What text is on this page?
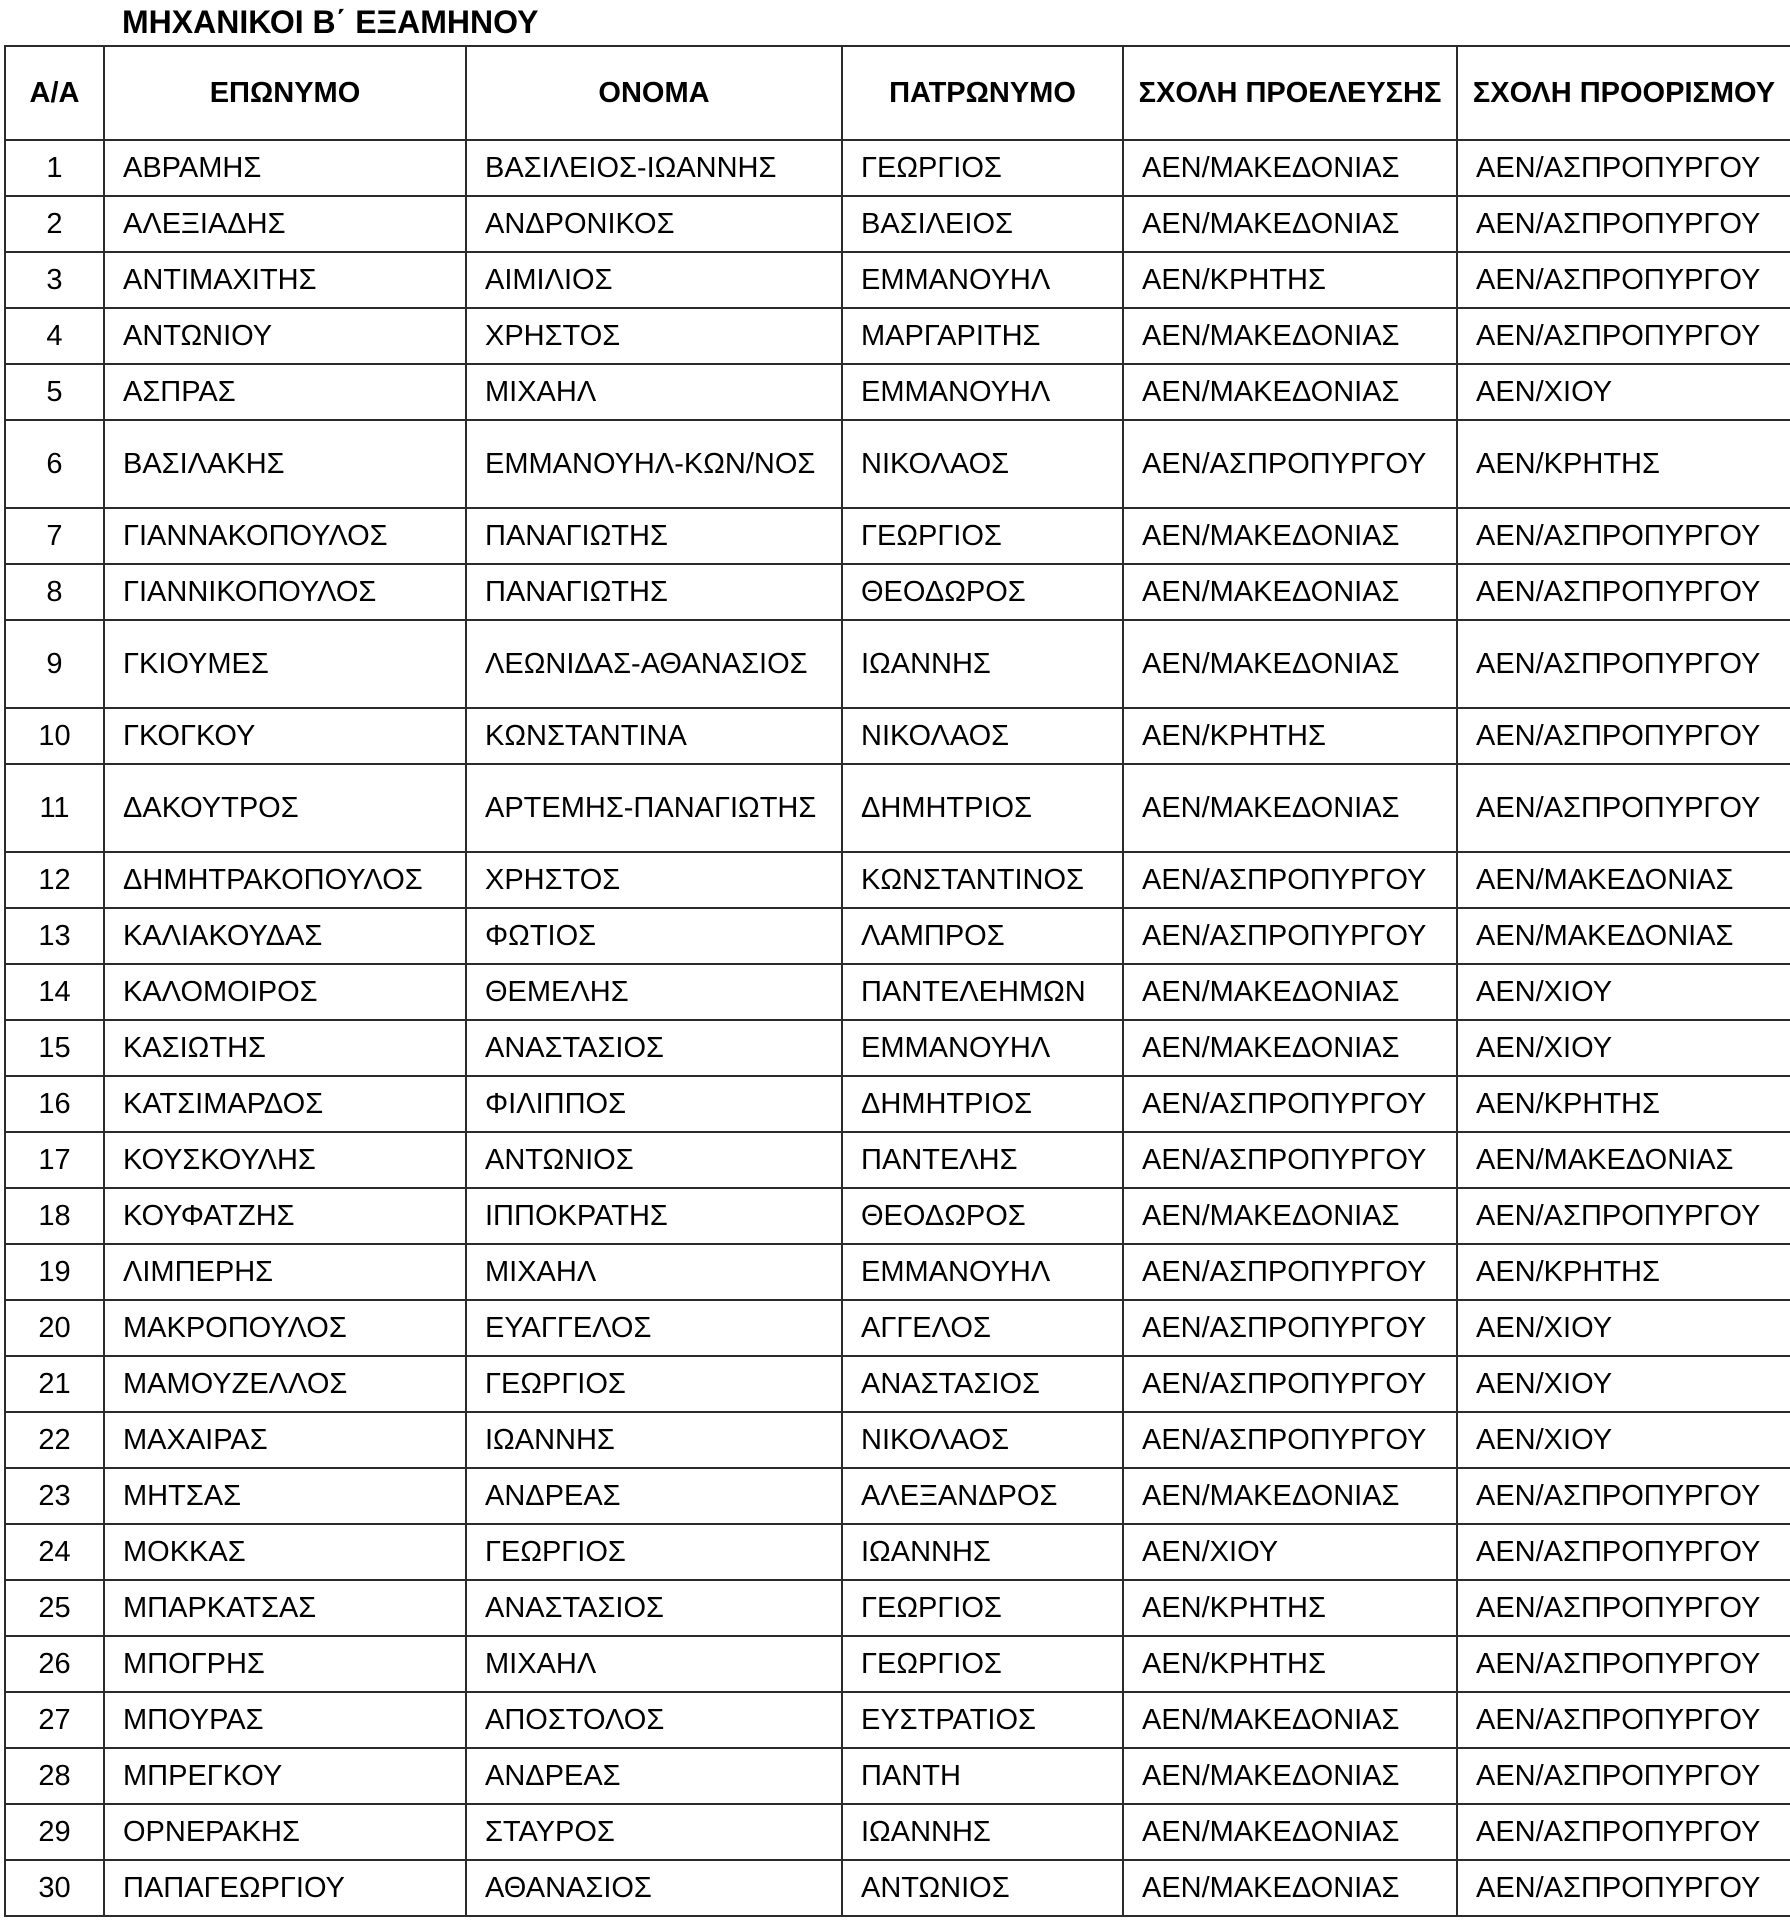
ΜΗΧΑΝΙΚΟΙ Β΄ ΕΞΑΜΗΝΟΥ
Α/Α	ΕΠΩΝΥΜΟ	ΟΝΟΜΑ	ΠΑΤΡΩΝΥΜΟ	ΣΧΟΛΗ ΠΡΟΕΛΕΥΣΗΣ	ΣΧΟΛΗ ΠΡΟΟΡΙΣΜΟΥ
1	ΑΒΡΑΜΗΣ	ΒΑΣΙΛΕΙΟΣ-ΙΩΑΝΝΗΣ	ΓΕΩΡΓΙΟΣ	ΑΕΝ/ΜΑΚΕΔΟΝΙΑΣ	ΑΕΝ/ΑΣΠΡΟΠΥΡΓΟΥ
2	ΑΛΕΞΙΑΔΗΣ	ΑΝΔΡΟΝΙΚΟΣ	ΒΑΣΙΛΕΙΟΣ	ΑΕΝ/ΜΑΚΕΔΟΝΙΑΣ	ΑΕΝ/ΑΣΠΡΟΠΥΡΓΟΥ
3	ΑΝΤΙΜΑΧΙΤΗΣ	ΑΙΜΙΛΙΟΣ	ΕΜΜΑΝΟΥΗΛ	ΑΕΝ/ΚΡΗΤΗΣ	ΑΕΝ/ΑΣΠΡΟΠΥΡΓΟΥ
4	ΑΝΤΩΝΙΟΥ	ΧΡΗΣΤΟΣ	ΜΑΡΓΑΡΙΤΗΣ	ΑΕΝ/ΜΑΚΕΔΟΝΙΑΣ	ΑΕΝ/ΑΣΠΡΟΠΥΡΓΟΥ
5	ΑΣΠΡΑΣ	ΜΙΧΑΗΛ	ΕΜΜΑΝΟΥΗΛ	ΑΕΝ/ΜΑΚΕΔΟΝΙΑΣ	ΑΕΝ/ΧΙΟΥ
6	ΒΑΣΙΛΑΚΗΣ	ΕΜΜΑΝΟΥΗΛ-ΚΩΝ/ΝΟΣ	ΝΙΚΟΛΑΟΣ	ΑΕΝ/ΑΣΠΡΟΠΥΡΓΟΥ	ΑΕΝ/ΚΡΗΤΗΣ
7	ΓΙΑΝΝΑΚΟΠΟΥΛΟΣ	ΠΑΝΑΓΙΩΤΗΣ	ΓΕΩΡΓΙΟΣ	ΑΕΝ/ΜΑΚΕΔΟΝΙΑΣ	ΑΕΝ/ΑΣΠΡΟΠΥΡΓΟΥ
8	ΓΙΑΝΝΙΚΟΠΟΥΛΟΣ	ΠΑΝΑΓΙΩΤΗΣ	ΘΕΟΔΩΡΟΣ	ΑΕΝ/ΜΑΚΕΔΟΝΙΑΣ	ΑΕΝ/ΑΣΠΡΟΠΥΡΓΟΥ
9	ΓΚΙΟΥΜΕΣ	ΛΕΩΝΙΔΑΣ-ΑΘΑΝΑΣΙΟΣ	ΙΩΑΝΝΗΣ	ΑΕΝ/ΜΑΚΕΔΟΝΙΑΣ	ΑΕΝ/ΑΣΠΡΟΠΥΡΓΟΥ
10	ΓΚΟΓΚΟΥ	ΚΩΝΣΤΑΝΤΙΝΑ	ΝΙΚΟΛΑΟΣ	ΑΕΝ/ΚΡΗΤΗΣ	ΑΕΝ/ΑΣΠΡΟΠΥΡΓΟΥ
11	ΔΑΚΟΥΤΡΟΣ	ΑΡΤΕΜΗΣ-ΠΑΝΑΓΙΩΤΗΣ	ΔΗΜΗΤΡΙΟΣ	ΑΕΝ/ΜΑΚΕΔΟΝΙΑΣ	ΑΕΝ/ΑΣΠΡΟΠΥΡΓΟΥ
12	ΔΗΜΗΤΡΑΚΟΠΟΥΛΟΣ	ΧΡΗΣΤΟΣ	ΚΩΝΣΤΑΝΤΙΝΟΣ	ΑΕΝ/ΑΣΠΡΟΠΥΡΓΟΥ	ΑΕΝ/ΜΑΚΕΔΟΝΙΑΣ
13	ΚΑΛΙΑΚΟΥΔΑΣ	ΦΩΤΙΟΣ	ΛΑΜΠΡΟΣ	ΑΕΝ/ΑΣΠΡΟΠΥΡΓΟΥ	ΑΕΝ/ΜΑΚΕΔΟΝΙΑΣ
14	ΚΑΛΟΜΟΙΡΟΣ	ΘΕΜΕΛΗΣ	ΠΑΝΤΕΛΕΗΜΩΝ	ΑΕΝ/ΜΑΚΕΔΟΝΙΑΣ	ΑΕΝ/ΧΙΟΥ
15	ΚΑΣΙΩΤΗΣ	ΑΝΑΣΤΑΣΙΟΣ	ΕΜΜΑΝΟΥΗΛ	ΑΕΝ/ΜΑΚΕΔΟΝΙΑΣ	ΑΕΝ/ΧΙΟΥ
16	ΚΑΤΣΙΜΑΡΔΟΣ	ΦΙΛΙΠΠΟΣ	ΔΗΜΗΤΡΙΟΣ	ΑΕΝ/ΑΣΠΡΟΠΥΡΓΟΥ	ΑΕΝ/ΚΡΗΤΗΣ
17	ΚΟΥΣΚΟΥΛΗΣ	ΑΝΤΩΝΙΟΣ	ΠΑΝΤΕΛΗΣ	ΑΕΝ/ΑΣΠΡΟΠΥΡΓΟΥ	ΑΕΝ/ΜΑΚΕΔΟΝΙΑΣ
18	ΚΟΥΦΑΤΖΗΣ	ΙΠΠΟΚΡΑΤΗΣ	ΘΕΟΔΩΡΟΣ	ΑΕΝ/ΜΑΚΕΔΟΝΙΑΣ	ΑΕΝ/ΑΣΠΡΟΠΥΡΓΟΥ
19	ΛΙΜΠΕΡΗΣ	ΜΙΧΑΗΛ	ΕΜΜΑΝΟΥΗΛ	ΑΕΝ/ΑΣΠΡΟΠΥΡΓΟΥ	ΑΕΝ/ΚΡΗΤΗΣ
20	ΜΑΚΡΟΠΟΥΛΟΣ	ΕΥΑΓΓΕΛΟΣ	ΑΓΓΕΛΟΣ	ΑΕΝ/ΑΣΠΡΟΠΥΡΓΟΥ	ΑΕΝ/ΧΙΟΥ
21	ΜΑΜΟΥΖΕΛΛΟΣ	ΓΕΩΡΓΙΟΣ	ΑΝΑΣΤΑΣΙΟΣ	ΑΕΝ/ΑΣΠΡΟΠΥΡΓΟΥ	ΑΕΝ/ΧΙΟΥ
22	ΜΑΧΑΙΡΑΣ	ΙΩΑΝΝΗΣ	ΝΙΚΟΛΑΟΣ	ΑΕΝ/ΑΣΠΡΟΠΥΡΓΟΥ	ΑΕΝ/ΧΙΟΥ
23	ΜΗΤΣΑΣ	ΑΝΔΡΕΑΣ	ΑΛΕΞΑΝΔΡΟΣ	ΑΕΝ/ΜΑΚΕΔΟΝΙΑΣ	ΑΕΝ/ΑΣΠΡΟΠΥΡΓΟΥ
24	ΜΟΚΚΑΣ	ΓΕΩΡΓΙΟΣ	ΙΩΑΝΝΗΣ	ΑΕΝ/ΧΙΟΥ	ΑΕΝ/ΑΣΠΡΟΠΥΡΓΟΥ
25	ΜΠΑΡΚΑΤΣΑΣ	ΑΝΑΣΤΑΣΙΟΣ	ΓΕΩΡΓΙΟΣ	ΑΕΝ/ΚΡΗΤΗΣ	ΑΕΝ/ΑΣΠΡΟΠΥΡΓΟΥ
26	ΜΠΟΓΡΗΣ	ΜΙΧΑΗΛ	ΓΕΩΡΓΙΟΣ	ΑΕΝ/ΚΡΗΤΗΣ	ΑΕΝ/ΑΣΠΡΟΠΥΡΓΟΥ
27	ΜΠΟΥΡΑΣ	ΑΠΟΣΤΟΛΟΣ	ΕΥΣΤΡΑΤΙΟΣ	ΑΕΝ/ΜΑΚΕΔΟΝΙΑΣ	ΑΕΝ/ΑΣΠΡΟΠΥΡΓΟΥ
28	ΜΠΡΕΓΚΟΥ	ΑΝΔΡΕΑΣ	ΠΑΝΤΗ	ΑΕΝ/ΜΑΚΕΔΟΝΙΑΣ	ΑΕΝ/ΑΣΠΡΟΠΥΡΓΟΥ
29	ΟΡΝΕΡΑΚΗΣ	ΣΤΑΥΡΟΣ	ΙΩΑΝΝΗΣ	ΑΕΝ/ΜΑΚΕΔΟΝΙΑΣ	ΑΕΝ/ΑΣΠΡΟΠΥΡΓΟΥ
30	ΠΑΠΑΓΕΩΡΓΙΟΥ	ΑΘΑΝΑΣΙΟΣ	ΑΝΤΩΝΙΟΣ	ΑΕΝ/ΜΑΚΕΔΟΝΙΑΣ	ΑΕΝ/ΑΣΠΡΟΠΥΡΓΟΥ
